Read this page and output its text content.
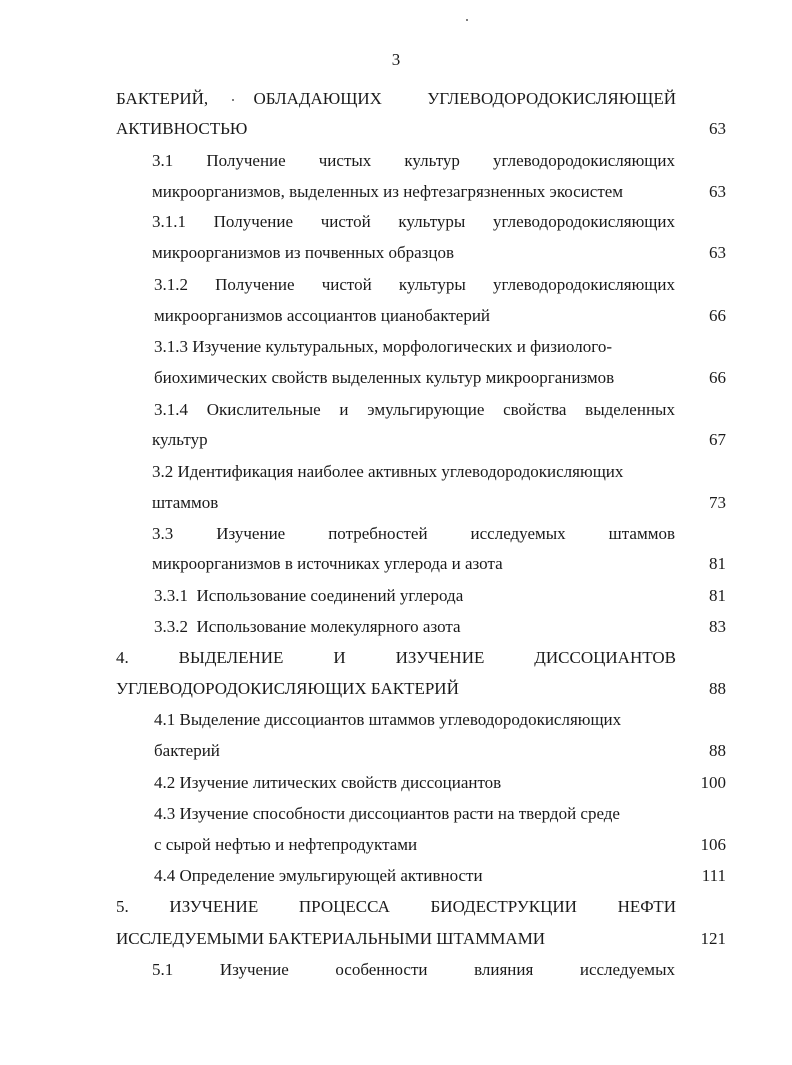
3
БАКТЕРИЙ,	ОБЛАДАЮЩИХ	УГЛЕВОДОРОДОКИСЛЯЮЩЕЙ
АКТИВНОСТЬЮ	63
3.1 Получение чистых культур углеводородокисляющих
микроорганизмов, выделенных из нефтезагрязненных экосистем	63
3.1.1 Получение чистой культуры углеводородокисляющих
микроорганизмов из почвенных образцов	63
3.1.2 Получение чистой культуры углеводородокисляющих
микроорганизмов ассоциантов цианобактерий	66
3.1.3 Изучение культуральных, морфологических и физиолого-
биохимических свойств выделенных культур микроорганизмов	66
3.1.4 Окислительные и эмульгирующие свойства выделенных
культур	67
3.2 Идентификация наиболее активных углеводородокисляющих
штаммов	73
3.3	Изучение	потребностей	исследуемых	штаммов
микроорганизмов в источниках углерода и азота	81
3.3.1  Использование соединений углерода	81
3.3.2  Использование молекулярного азота	83
4.	ВЫДЕЛЕНИЕ	И	ИЗУЧЕНИЕ	ДИССОЦИАНТОВ
УГЛЕВОДОРОДОКИСЛЯЮЩИХ БАКТЕРИЙ	88
4.1 Выделение диссоциантов штаммов углеводородокисляющих
бактерий	88
4.2 Изучение литических свойств диссоциантов	100
4.3 Изучение способности диссоциантов расти на твердой среде
с сырой нефтью и нефтепродуктами	106
4.4 Определение эмульгирующей активности	111
5. ИЗУЧЕНИЕ ПРОЦЕССА БИОДЕСТРУКЦИИ НЕФТИ
ИССЛЕДУЕМЫМИ БАКТЕРИАЛЬНЫМИ ШТАММАМИ	121
5.1	Изучение	особенности	влияния	исследуемых
